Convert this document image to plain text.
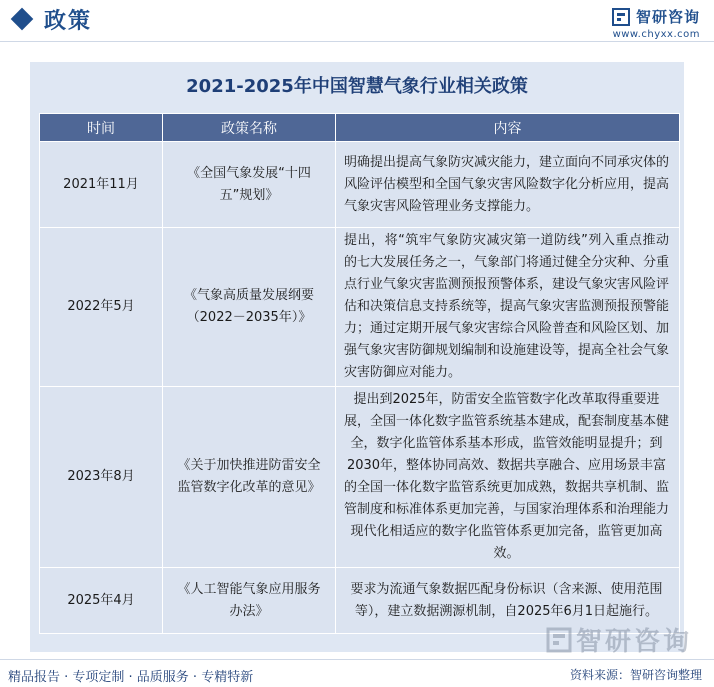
政策	智研咨询
www.chyxx.com
2021-2025年中国智慧气象行业相关政策
时间	政策名称	内容
2021年11月	《全国气象发展“十四五”规划》	明确提出提高气象防灾减灾能力，建立面向不同承灾体的风险评估模型和全国气象灾害风险数字化分析应用，提高气象灾害风险管理业务支撑能力。
2022年5月	《气象高质量发展纲要（2022－2035年）》	提出，将“筑牢气象防灾减灾第一道防线”列入重点推动的七大发展任务之一，气象部门将通过健全分灾种、分重点行业气象灾害监测预报预警体系，建设气象灾害风险评估和决策信息支持系统等，提高气象灾害监测预报预警能力；通过定期开展气象灾害综合风险普查和风险区划、加强气象灾害防御规划编制和设施建设等，提高全社会气象灾害防御应对能力。
2023年8月	《关于加快推进防雷安全监管数字化改革的意见》	提出到2025年，防雷安全监管数字化改革取得重要进展，全国一体化数字监管系统基本建成，配套制度基本健全，数字化监管体系基本形成，监管效能明显提升；到2030年，整体协同高效、数据共享融合、应用场景丰富的全国一体化数字监管系统更加成熟，数据共享机制、监管制度和标准体系更加完善，与国家治理体系和治理能力现代化相适应的数字化监管体系更加完备，监管更加高效。
2025年4月	《人工智能气象应用服务办法》	要求为流通气象数据匹配身份标识（含来源、使用范围等），建立数据溯源机制，自2025年6月1日起施行。
智研咨询
精品报告 · 专项定制 · 品质服务 · 专精特新	资料来源：智研咨询整理
